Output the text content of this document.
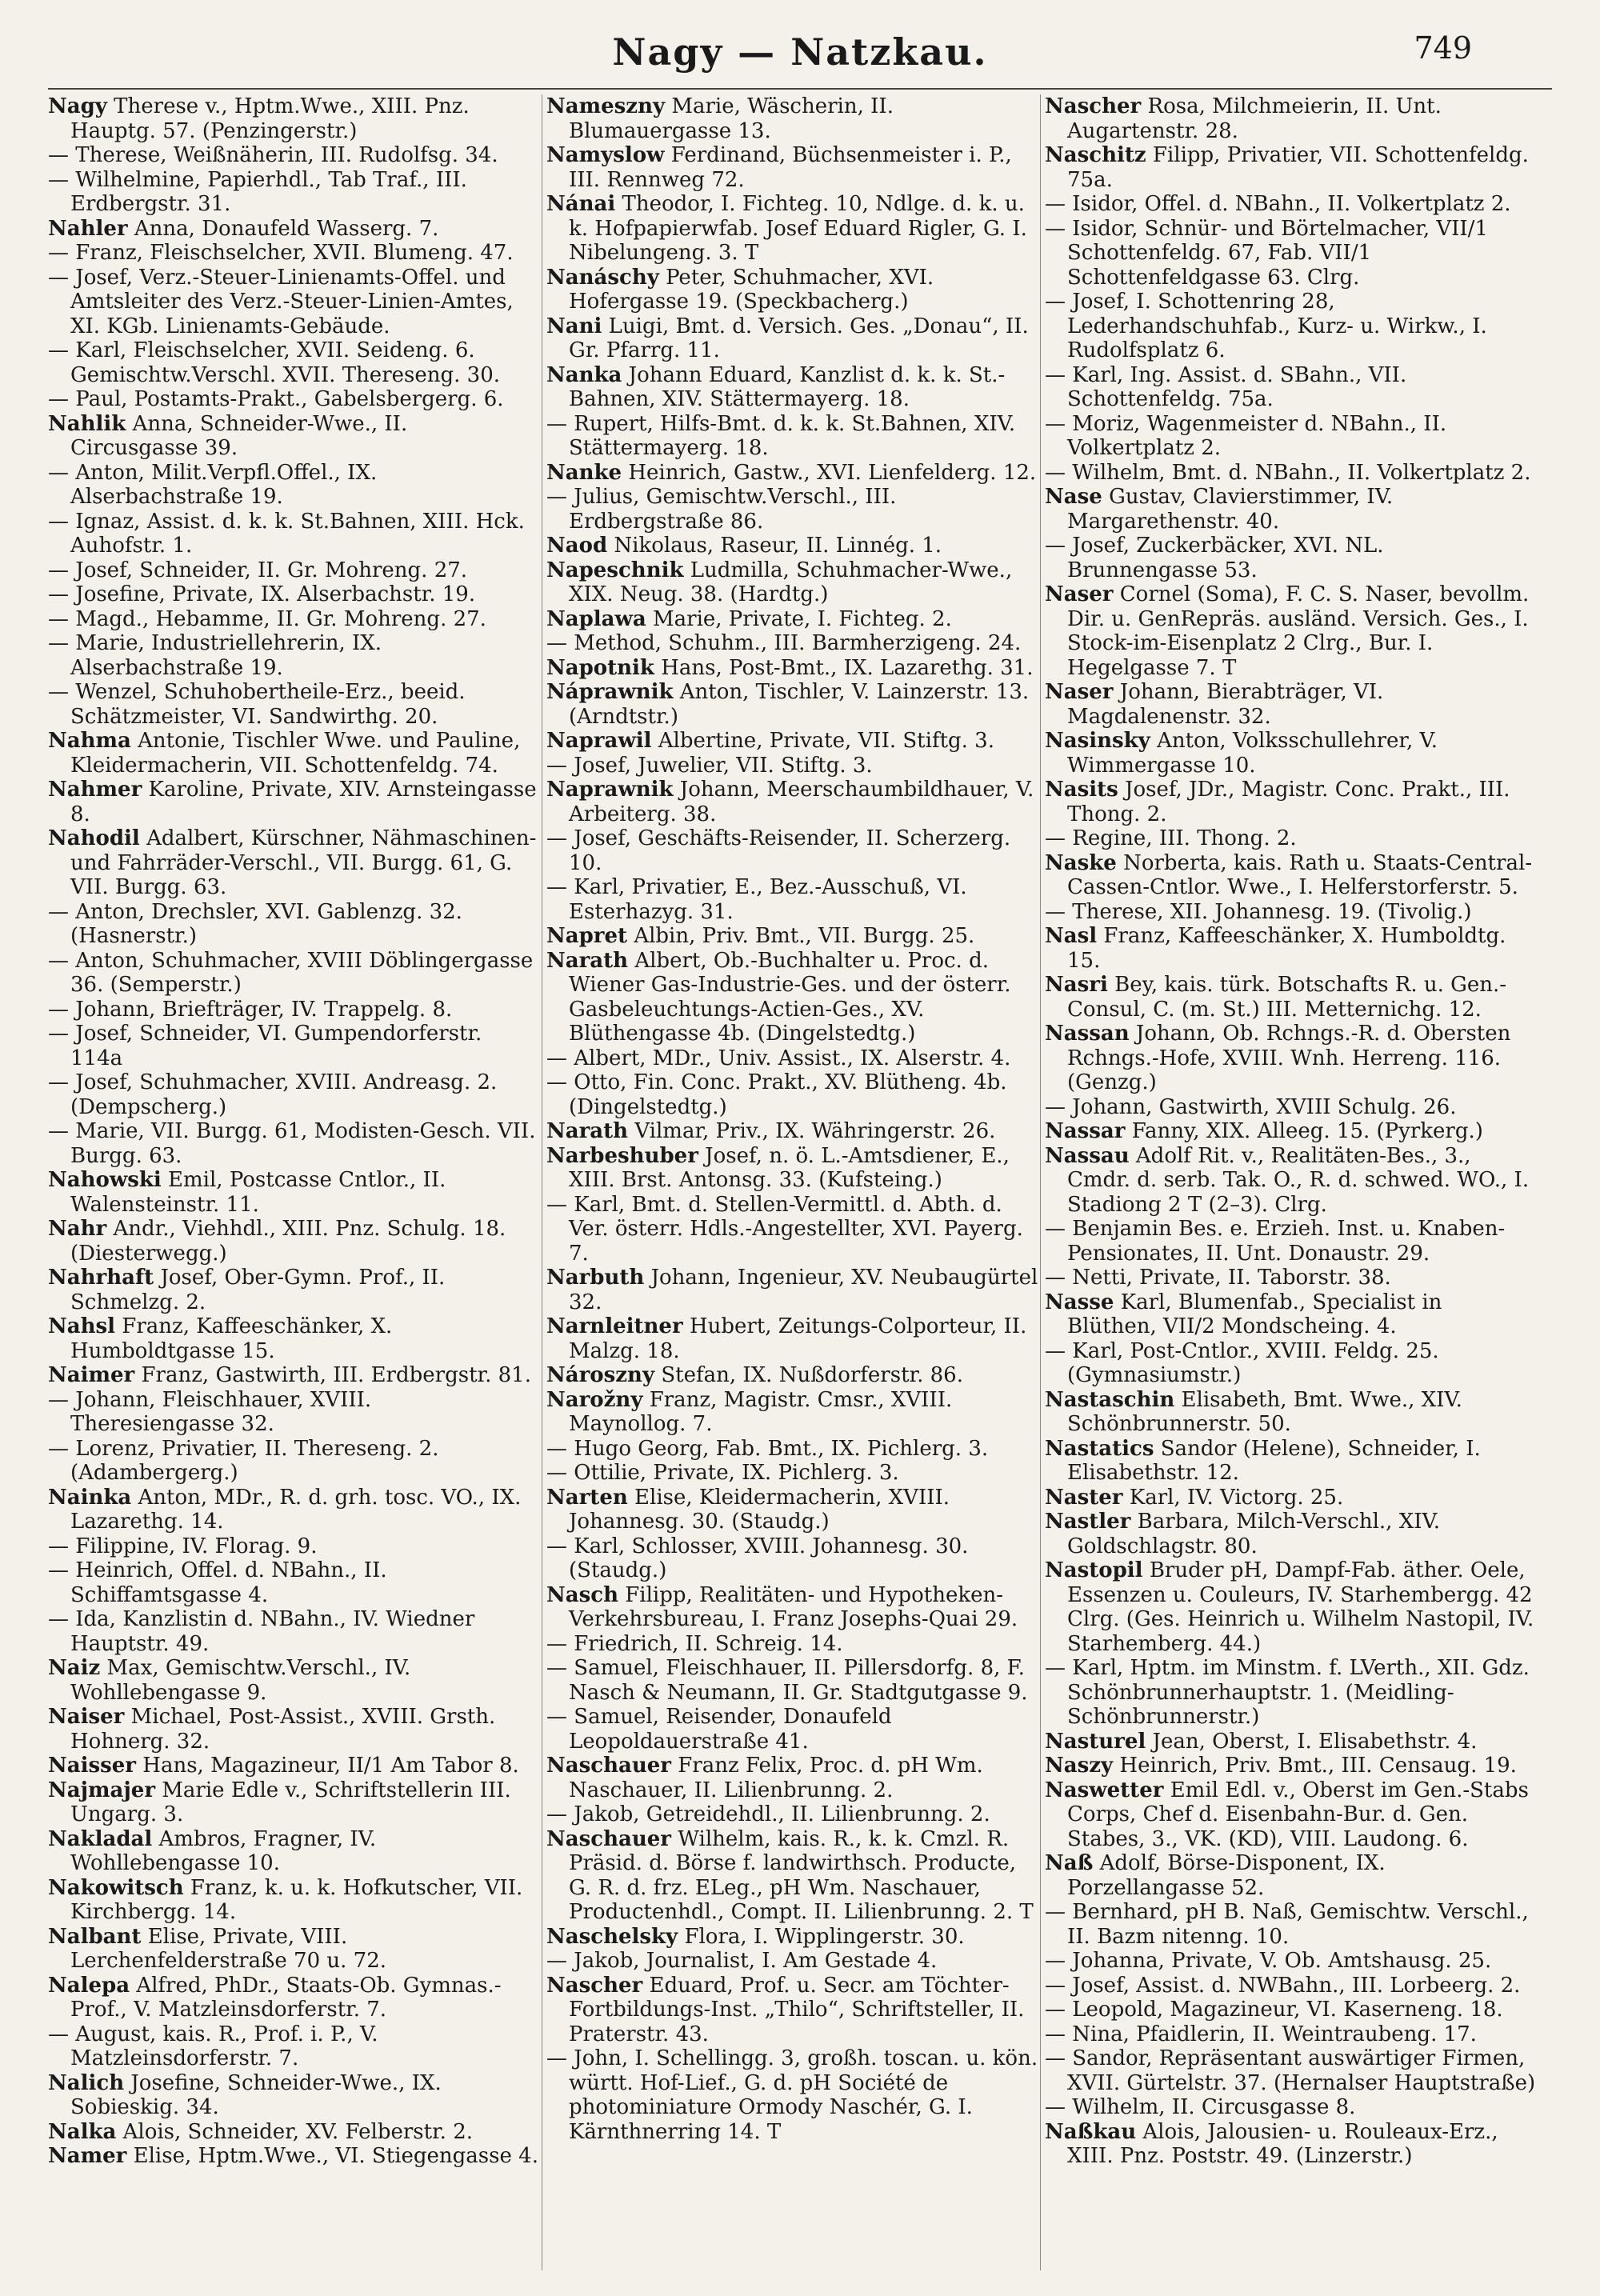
Nagy — Natzkau.	749

Nagy Therese v., Hptm.Wwe., XIII. Pnz. Hauptg. 57. (Penzingerstr.)

— Therese, Weißnäherin, III. Rudolfsg. 34.

— Wilhelmine, Papierhdl., Tab Traf., III. Erdbergstr. 31.

Nahler Anna, Donaufeld Wasserg. 7.

— Franz, Fleischselcher, XVII. Blumeng. 47.

— Josef, Verz.-Steuer-Linienamts-Offel. und Amtsleiter des Verz.-Steuer-Linien-Amtes, XI. KGb. Linienamts-Gebäude.

— Karl, Fleischselcher, XVII. Seideng. 6. Gemischtw.Verschl. XVII. Thereseng. 30.

— Paul, Postamts-Prakt., Gabelsbergerg. 6.

Nahlik Anna, Schneider-Wwe., II. Circusgasse 39.

— Anton, Milit.Verpfl.Offel., IX. Alserbachstraße 19.

— Ignaz, Assist. d. k. k. St.Bahnen, XIII. Hck. Auhofstr. 1.

— Josef, Schneider, II. Gr. Mohreng. 27.

— Josefine, Private, IX. Alserbachstr. 19.

— Magd., Hebamme, II. Gr. Mohreng. 27.

— Marie, Industriellehrerin, IX. Alserbachstraße 19.

— Wenzel, Schuhobertheile-Erz., beeid. Schätzmeister, VI. Sandwirthg. 20.

Nahma Antonie, Tischler Wwe. und Pauline, Kleidermacherin, VII. Schottenfeldg. 74.

Nahmer Karoline, Private, XIV. Arnsteingasse 8.

Nahodil Adalbert, Kürschner, Nähmaschinen- und Fahrräder-Verschl., VII. Burgg. 61, G. VII. Burgg. 63.

— Anton, Drechsler, XVI. Gablenzg. 32. (Hasnerstr.)

— Anton, Schuhmacher, XVIII Döblingergasse 36. (Semperstr.)

— Johann, Briefträger, IV. Trappelg. 8.

— Josef, Schneider, VI. Gumpendorferstr. 114a

— Josef, Schuhmacher, XVIII. Andreasg. 2. (Dempscherg.)

— Marie, VII. Burgg. 61, Modisten-Gesch. VII. Burgg. 63.

Nahowski Emil, Postcasse Cntlor., II. Walensteinstr. 11.

Nahr Andr., Viehhdl., XIII. Pnz. Schulg. 18. (Diesterwegg.)

Nahrhaft Josef, Ober-Gymn. Prof., II. Schmelzg. 2.

Nahsl Franz, Kaffeeschänker, X. Humboldtgasse 15.

Naimer Franz, Gastwirth, III. Erdbergstr. 81.

— Johann, Fleischhauer, XVIII. Theresiengasse 32.

— Lorenz, Privatier, II. Thereseng. 2. (Adambergerg.)

Nainka Anton, MDr., R. d. grh. tosc. VO., IX. Lazarethg. 14.

— Filippine, IV. Florag. 9.

— Heinrich, Offel. d. NBahn., II. Schiffamtsgasse 4.

— Ida, Kanzlistin d. NBahn., IV. Wiedner Hauptstr. 49.

Naiz Max, Gemischtw.Verschl., IV. Wohllebengasse 9.

Naiser Michael, Post-Assist., XVIII. Grsth. Hohnerg. 32.

Naisser Hans, Magazineur, II/1 Am Tabor 8.

Najmajer Marie Edle v., Schriftstellerin III. Ungarg. 3.

Nakladal Ambros, Fragner, IV. Wohllebengasse 10.

Nakowitsch Franz, k. u. k. Hofkutscher, VII. Kirchbergg. 14.

Nalbant Elise, Private, VIII. Lerchenfelderstraße 70 u. 72.

Nalepa Alfred, PhDr., Staats-Ob. Gymnas.-Prof., V. Matzleinsdorferstr. 7.

— August, kais. R., Prof. i. P., V. Matzleinsdorferstr. 7.

Nalich Josefine, Schneider-Wwe., IX. Sobieskig. 34.

Nalka Alois, Schneider, XV. Felberstr. 2.

Namer Elise, Hptm.Wwe., VI. Stiegengasse 4.

Nameszny Marie, Wäscherin, II. Blumauergasse 13.

Namyslow Ferdinand, Büchsenmeister i. P., III. Rennweg 72.

Nánai Theodor, I. Fichteg. 10, Ndlge. d. k. u. k. Hofpapierwfab. Josef Eduard Rigler, G. I. Nibelungeng. 3. T

Nanáschy Peter, Schuhmacher, XVI. Hofergasse 19. (Speckbacherg.)

Nani Luigi, Bmt. d. Versich. Ges. „Donau“, II. Gr. Pfarrg. 11.

Nanka Johann Eduard, Kanzlist d. k. k. St.-Bahnen, XIV. Stättermayerg. 18.

— Rupert, Hilfs-Bmt. d. k. k. St.Bahnen, XIV. Stättermayerg. 18.

Nanke Heinrich, Gastw., XVI. Lienfelderg. 12.

— Julius, Gemischtw.Verschl., III. Erdbergstraße 86.

Naod Nikolaus, Raseur, II. Linnég. 1.

Napeschnik Ludmilla, Schuhmacher-Wwe., XIX. Neug. 38. (Hardtg.)

Naplawa Marie, Private, I. Fichteg. 2.

— Method, Schuhm., III. Barmherzigeng. 24.

Napotnik Hans, Post-Bmt., IX. Lazarethg. 31.

Náprawnik Anton, Tischler, V. Lainzerstr. 13. (Arndtstr.)

Naprawil Albertine, Private, VII. Stiftg. 3.

— Josef, Juwelier, VII. Stiftg. 3.

Naprawnik Johann, Meerschaumbildhauer, V. Arbeiterg. 38.

— Josef, Geschäfts-Reisender, II. Scherzerg. 10.

— Karl, Privatier, E., Bez.-Ausschuß, VI. Esterhazyg. 31.

Napret Albin, Priv. Bmt., VII. Burgg. 25.

Narath Albert, Ob.-Buchhalter u. Proc. d. Wiener Gas-Industrie-Ges. und der österr. Gasbeleuchtungs-Actien-Ges., XV. Blüthengasse 4b. (Dingelstedtg.)

— Albert, MDr., Univ. Assist., IX. Alserstr. 4.

— Otto, Fin. Conc. Prakt., XV. Blütheng. 4b. (Dingelstedtg.)

Narath Vilmar, Priv., IX. Währingerstr. 26.

Narbeshuber Josef, n. ö. L.-Amtsdiener, E., XIII. Brst. Antonsg. 33. (Kufsteing.)

— Karl, Bmt. d. Stellen-Vermittl. d. Abth. d. Ver. österr. Hdls.-Angestellter, XVI. Payerg. 7.

Narbuth Johann, Ingenieur, XV. Neubaugürtel 32.

Narnleitner Hubert, Zeitungs-Colporteur, II. Malzg. 18.

Nároszny Stefan, IX. Nußdorferstr. 86.

Narožny Franz, Magistr. Cmsr., XVIII. Maynollog. 7.

— Hugo Georg, Fab. Bmt., IX. Pichlerg. 3.

— Ottilie, Private, IX. Pichlerg. 3.

Narten Elise, Kleidermacherin, XVIII. Johannesg. 30. (Staudg.)

— Karl, Schlosser, XVIII. Johannesg. 30. (Staudg.)

Nasch Filipp, Realitäten- und Hypotheken-Verkehrsbureau, I. Franz Josephs-Quai 29.

— Friedrich, II. Schreig. 14.

— Samuel, Fleischhauer, II. Pillersdorfg. 8, F. Nasch & Neumann, II. Gr. Stadtgutgasse 9.

— Samuel, Reisender, Donaufeld Leopoldauerstraße 41.

Naschauer Franz Felix, Proc. d. pH Wm. Naschauer, II. Lilienbrunng. 2.

— Jakob, Getreidehdl., II. Lilienbrunng. 2.

Naschauer Wilhelm, kais. R., k. k. Cmzl. R. Präsid. d. Börse f. landwirthsch. Producte, G. R. d. frz. ELeg., pH Wm. Naschauer, Productenhdl., Compt. II. Lilienbrunng. 2. T

Naschelsky Flora, I. Wipplingerstr. 30.

— Jakob, Journalist, I. Am Gestade 4.

Nascher Eduard, Prof. u. Secr. am Töchter-Fortbildungs-Inst. „Thilo“, Schriftsteller, II. Praterstr. 43.

— John, I. Schellingg. 3, großh. toscan. u. kön. württ. Hof-Lief., G. d. pH Société de photominiature Ormody Naschér, G. I. Kärnthnerring 14. T

Nascher Rosa, Milchmeierin, II. Unt. Augartenstr. 28.

Naschitz Filipp, Privatier, VII. Schottenfeldg. 75a.

— Isidor, Offel. d. NBahn., II. Volkertplatz 2.

— Isidor, Schnür- und Börtelmacher, VII/1 Schottenfeldg. 67, Fab. VII/1 Schottenfeldgasse 63. Clrg.

— Josef, I. Schottenring 28, Lederhandschuhfab., Kurz- u. Wirkw., I. Rudolfsplatz 6.

— Karl, Ing. Assist. d. SBahn., VII. Schottenfeldg. 75a.

— Moriz, Wagenmeister d. NBahn., II. Volkertplatz 2.

— Wilhelm, Bmt. d. NBahn., II. Volkertplatz 2.

Nase Gustav, Clavierstimmer, IV. Margarethenstr. 40.

— Josef, Zuckerbäcker, XVI. NL. Brunnengasse 53.

Naser Cornel (Soma), F. C. S. Naser, bevollm. Dir. u. GenRepräs. ausländ. Versich. Ges., I. Stock-im-Eisenplatz 2 Clrg., Bur. I. Hegelgasse 7. T

Naser Johann, Bierabträger, VI. Magdalenenstr. 32.

Nasinsky Anton, Volksschullehrer, V. Wimmergasse 10.

Nasits Josef, JDr., Magistr. Conc. Prakt., III. Thong. 2.

— Regine, III. Thong. 2.

Naske Norberta, kais. Rath u. Staats-Central-Cassen-Cntlor. Wwe., I. Helferstorferstr. 5.

— Therese, XII. Johannesg. 19. (Tivolig.)

Nasl Franz, Kaffeeschänker, X. Humboldtg. 15.

Nasri Bey, kais. türk. Botschafts R. u. Gen.-Consul, C. (m. St.) III. Metternichg. 12.

Nassan Johann, Ob. Rchngs.-R. d. Obersten Rchngs.-Hofe, XVIII. Wnh. Herreng. 116. (Genzg.)

— Johann, Gastwirth, XVIII Schulg. 26.

Nassar Fanny, XIX. Alleeg. 15. (Pyrkerg.)

Nassau Adolf Rit. v., Realitäten-Bes., 3., Cmdr. d. serb. Tak. O., R. d. schwed. WO., I. Stadiong 2 T (2–3). Clrg.

— Benjamin Bes. e. Erzieh. Inst. u. Knaben-Pensionates, II. Unt. Donaustr. 29.

— Netti, Private, II. Taborstr. 38.

Nasse Karl, Blumenfab., Specialist in Blüthen, VII/2 Mondscheing. 4.

— Karl, Post-Cntlor., XVIII. Feldg. 25. (Gymnasiumstr.)

Nastaschin Elisabeth, Bmt. Wwe., XIV. Schönbrunnerstr. 50.

Nastatics Sandor (Helene), Schneider, I. Elisabethstr. 12.

Naster Karl, IV. Victorg. 25.

Nastler Barbara, Milch-Verschl., XIV. Goldschlagstr. 80.

Nastopil Bruder pH, Dampf-Fab. äther. Oele, Essenzen u. Couleurs, IV. Starhembergg. 42 Clrg. (Ges. Heinrich u. Wilhelm Nastopil, IV. Starhemberg. 44.)

— Karl, Hptm. im Minstm. f. LVerth., XII. Gdz. Schönbrunnerhauptstr. 1. (Meidling-Schönbrunnerstr.)

Nasturel Jean, Oberst, I. Elisabethstr. 4.

Naszy Heinrich, Priv. Bmt., III. Censaug. 19.

Naswetter Emil Edl. v., Oberst im Gen.-Stabs Corps, Chef d. Eisenbahn-Bur. d. Gen. Stabes, 3., VK. (KD), VIII. Laudong. 6.

Naß Adolf, Börse-Disponent, IX. Porzellangasse 52.

— Bernhard, pH B. Naß, Gemischtw. Verschl., II. Bazm nitenng. 10.

— Johanna, Private, V. Ob. Amtshausg. 25.

— Josef, Assist. d. NWBahn., III. Lorbeerg. 2.

— Leopold, Magazineur, VI. Kaserneng. 18.

— Nina, Pfaidlerin, II. Weintraubeng. 17.

— Sandor, Repräsentant auswärtiger Firmen, XVII. Gürtelstr. 37. (Hernalser Hauptstraße)

— Wilhelm, II. Circusgasse 8.

Naßkau Alois, Jalousien- u. Rouleaux-Erz., XIII. Pnz. Poststr. 49. (Linzerstr.)
